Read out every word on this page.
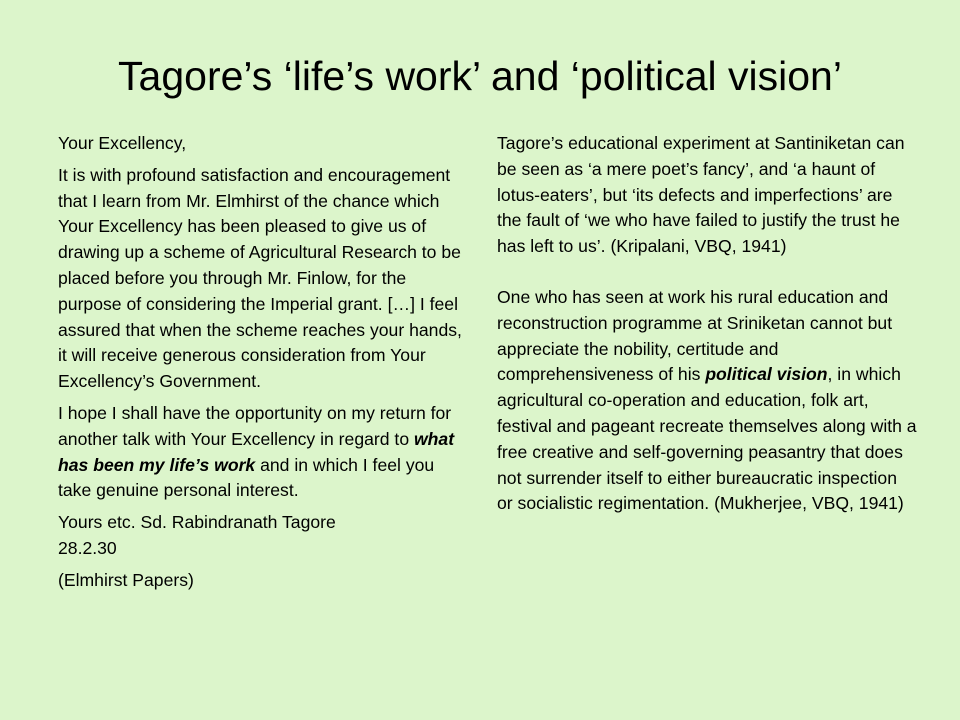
Tagore’s ‘life’s work’ and ‘political vision’

Your Excellency,

It is with profound satisfaction and encouragement that I learn from Mr. Elmhirst of the chance which Your Excellency has been pleased to give us of drawing up a scheme of Agricultural Research to be placed before you through Mr. Finlow, for the purpose of considering the Imperial grant. […] I feel assured that when the scheme reaches your hands, it will receive generous consideration from Your Excellency’s Government.

I hope I shall have the opportunity on my return for another talk with Your Excellency in regard to what has been my life’s work and in which I feel you take genuine personal interest.

Yours etc. Sd. Rabindranath Tagore
28.2.30

(Elmhirst Papers)

Tagore’s educational experiment at Santiniketan can be seen as ‘a mere poet’s fancy’, and ‘a haunt of lotus-eaters’, but ‘its defects and imperfections’ are the fault of ‘we who have failed to justify the trust he has left to us’. (Kripalani, VBQ, 1941)

One who has seen at work his rural education and reconstruction programme at Sriniketan cannot but appreciate the nobility, certitude and comprehensiveness of his political vision, in which agricultural co-operation and education, folk art, festival and pageant recreate themselves along with a free creative and self-governing peasantry that does not surrender itself to either bureaucratic inspection or socialistic regimentation. (Mukherjee, VBQ, 1941)
